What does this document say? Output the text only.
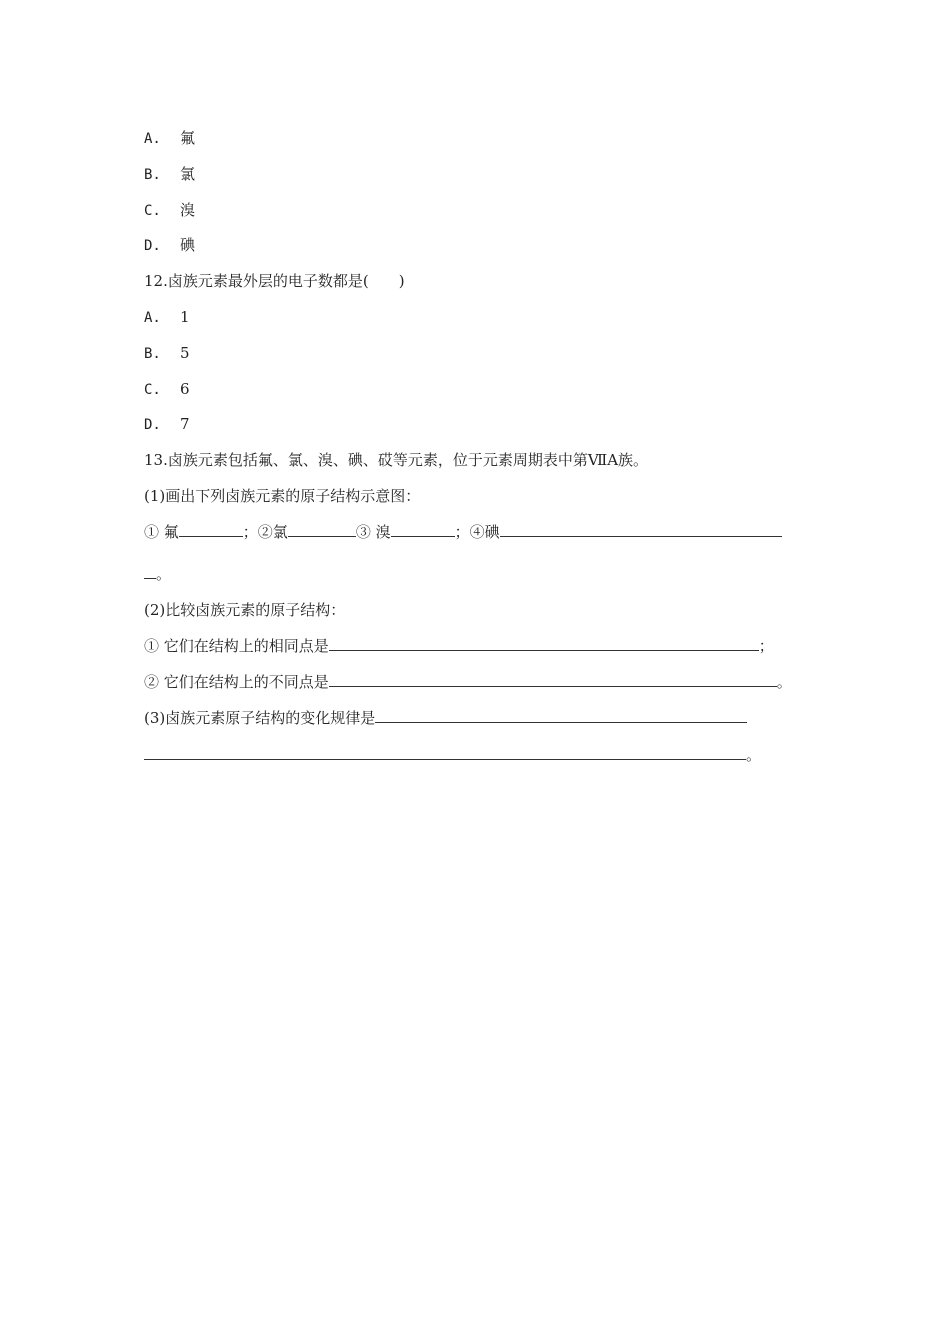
A. 氟
B. 氯
C. 溴
D. 碘
12.卤族元素最外层的电子数都是(　　)
A. 1
B. 5
C. 6
D. 7
13.卤族元素包括氟、氯、溴、碘、砹等元素，位于元素周期表中第ⅦA族。
(1)画出下列卤族元素的原子结构示意图：
① 氟	；②氯	③ 溴	；④碘
。
(2)比较卤族元素的原子结构：
① 它们在结构上的相同点是	；
② 它们在结构上的不同点是	。
(3)卤族元素原子结构的变化规律是
。
